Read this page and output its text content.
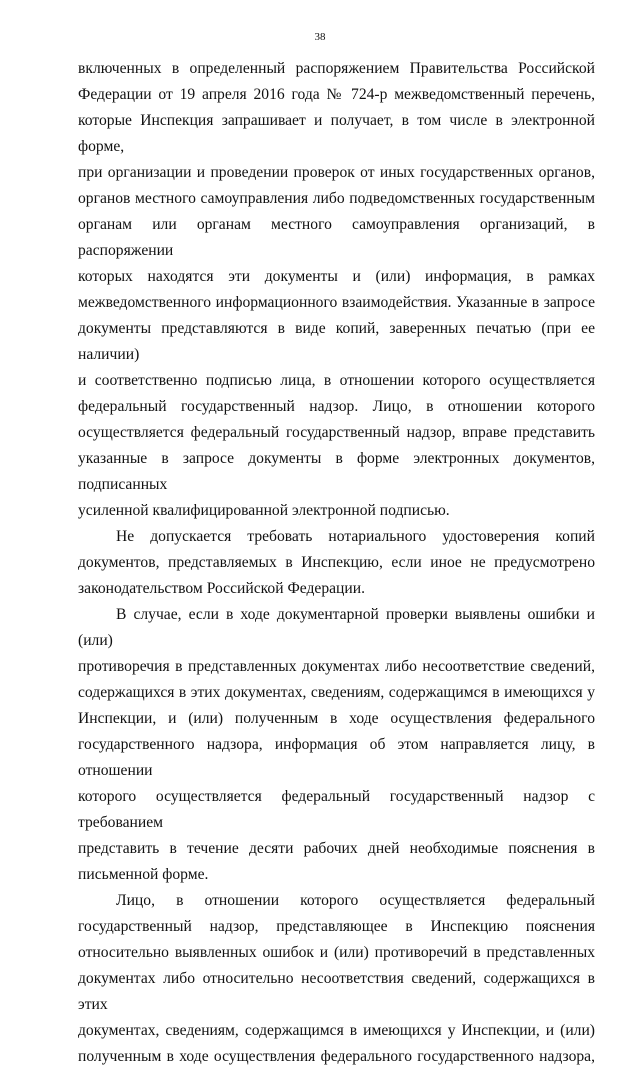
38
включенных в определенный распоряжением Правительства Российской
Федерации от 19 апреля 2016 года № 724-р межведомственный перечень,
которые Инспекция запрашивает и получает, в том числе в электронной форме,
при организации и проведении проверок от иных государственных органов,
органов местного самоуправления либо подведомственных государственным
органам или органам местного самоуправления организаций, в распоряжении
которых находятся эти документы и (или) информация, в рамках
межведомственного информационного взаимодействия. Указанные в запросе
документы представляются в виде копий, заверенных печатью (при ее наличии)
и соответственно подписью лица, в отношении которого осуществляется
федеральный государственный надзор. Лицо, в отношении которого
осуществляется федеральный государственный надзор, вправе представить
указанные в запросе документы в форме электронных документов, подписанных
усиленной квалифицированной электронной подписью.
Не допускается требовать нотариального удостоверения копий
документов, представляемых в Инспекцию, если иное не предусмотрено
законодательством Российской Федерации.
В случае, если в ходе документарной проверки выявлены ошибки и (или)
противоречия в представленных документах либо несоответствие сведений,
содержащихся в этих документах, сведениям, содержащимся в имеющихся у
Инспекции, и (или) полученным в ходе осуществления федерального
государственного надзора, информация об этом направляется лицу, в отношении
которого осуществляется федеральный государственный надзор с требованием
представить в течение десяти рабочих дней необходимые пояснения в
письменной форме.
Лицо, в отношении которого осуществляется федеральный
государственный надзор, представляющее в Инспекцию пояснения
относительно выявленных ошибок и (или) противоречий в представленных
документах либо относительно несоответствия сведений, содержащихся в этих
документах, сведениям, содержащимся в имеющихся у Инспекции, и (или)
полученным в ходе осуществления федерального государственного надзора,
